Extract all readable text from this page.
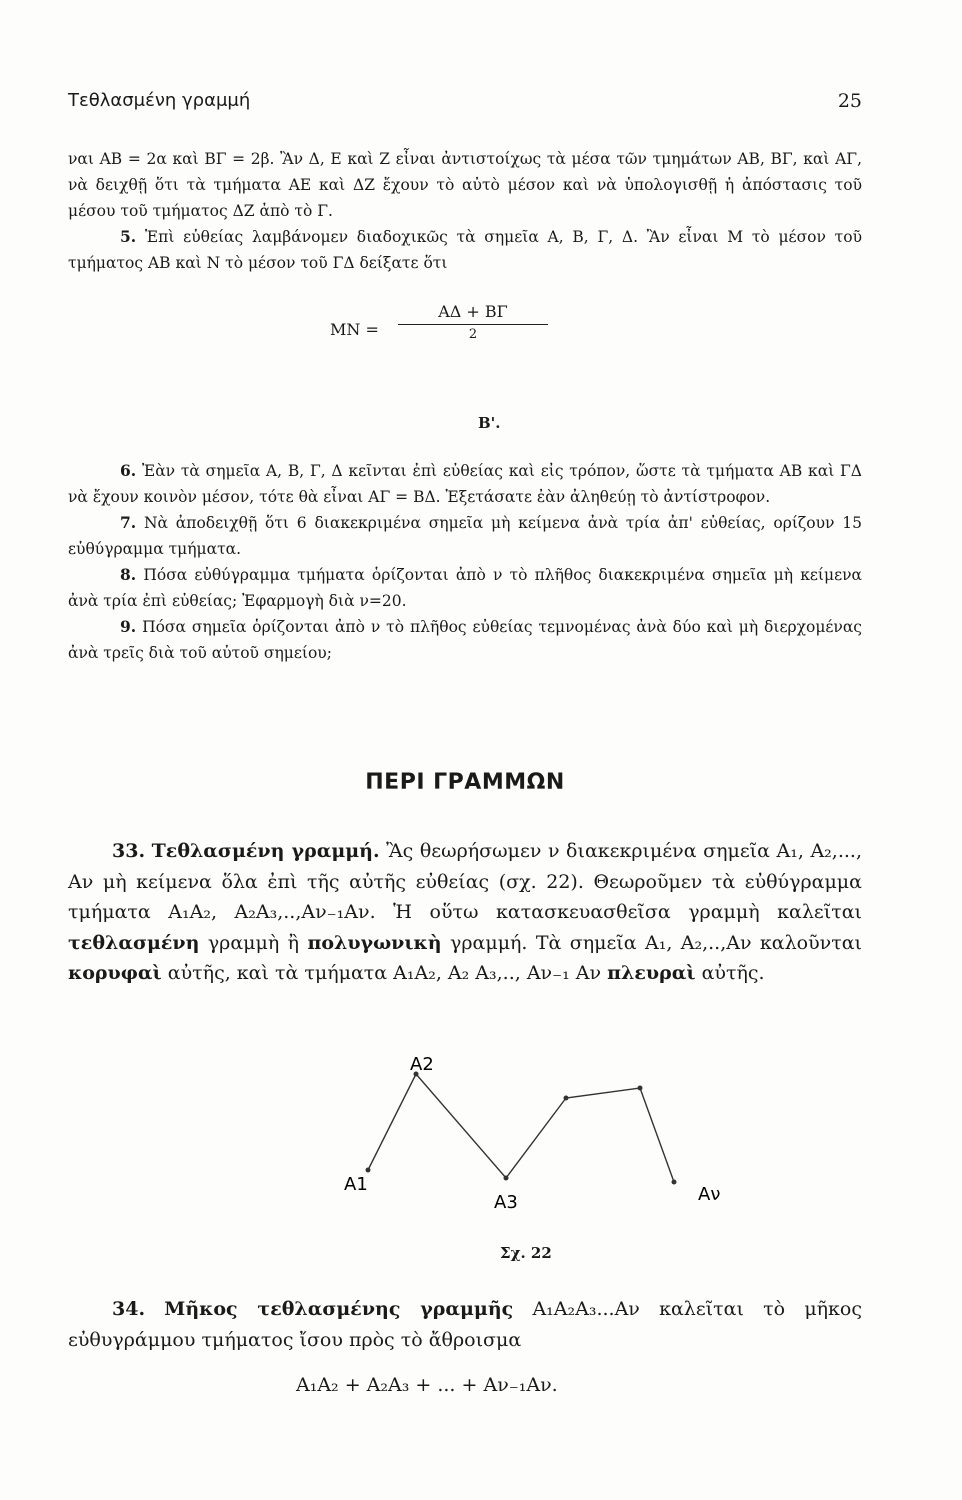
Τεθλασμένη γραμμή	25

ναι AB = 2α καὶ BΓ = 2β. Ἂν Δ, E καὶ Z εἶναι ἀντιστοίχως τὰ μέσα τῶν τμημάτων AB, BΓ, καὶ AΓ, νὰ δειχθῇ ὅτι τὰ τμήματα AE καὶ ΔZ ἔχουν τὸ αὐτὸ μέσον καὶ νὰ ὑπολογισθῇ ἡ ἀπόστασις τοῦ μέσου τοῦ τμήματος ΔZ ἀπὸ τὸ Γ.

5. Ἐπὶ εὐθείας λαμβάνομεν διαδοχικῶς τὰ σημεῖα A, B, Γ, Δ. Ἂν εἶναι M τὸ μέσον τοῦ τμήματος AB καὶ N τὸ μέσον τοῦ ΓΔ δείξατε ὅτι

MN =
AΔ + BΓ
2
B'.

6. Ἐὰν τὰ σημεῖα A, B, Γ, Δ κεῖνται ἐπὶ εὐθείας καὶ εἰς τρόπον, ὥστε τὰ τμήματα AB καὶ ΓΔ νὰ ἔχουν κοινὸν μέσον, τότε θὰ εἶναι AΓ = BΔ. Ἐξετάσατε ἐὰν ἀληθεύῃ τὸ ἀντίστροφον.

7. Νὰ ἀποδειχθῇ ὅτι 6 διακεκριμένα σημεῖα μὴ κείμενα ἀνὰ τρία ἀπ' εὐθείας, ορίζουν 15 εὐθύγραμμα τμήματα.

8. Πόσα εὐθύγραμμα τμήματα ὁρίζονται ἀπὸ ν τὸ πλῆθος διακεκριμένα σημεῖα μὴ κείμενα ἀνὰ τρία ἐπὶ εὐθείας; Ἐφαρμογὴ διὰ ν=20.

9. Πόσα σημεῖα ὁρίζονται ἀπὸ ν τὸ πλῆθος εὐθείας τεμνομένας ἀνὰ δύο καὶ μὴ διερχομένας ἀνὰ τρεῖς διὰ τοῦ αὐτοῦ σημείου;

ΠΕΡΙ ΓΡΑΜΜΩΝ

33. Τεθλασμένη γραμμή. Ἂς θεωρήσωμεν ν διακεκριμένα σημεῖα A₁, A₂,..., Aν μὴ κείμενα ὅλα ἐπὶ τῆς αὐτῆς εὐθείας (σχ. 22). Θεωροῦμεν τὰ εὐθύγραμμα τμήματα A₁A₂, A₂A₃,..,Aν₋₁Aν. Ἡ οὕτω κατασκευασθεῖσα γραμμὴ καλεῖται τεθλασμένη γραμμὴ ἢ πολυγωνικὴ γραμμή. Τὰ σημεῖα A₁, A₂,..,Aν καλοῦνται κορυφαὶ αὐτῆς, καὶ τὰ τμήματα A₁A₂, A₂ A₃,.., Aν₋₁ Aν πλευραὶ αὐτῆς.

A1
A2
A3	Aν
Σχ. 22

34. Μῆκος τεθλασμένης γραμμῆς A₁A₂A₃...Aν καλεῖται τὸ μῆκος εὐθυγράμμου τμήματος ἴσου πρὸς τὸ ἄθροισμα

A₁A₂ + A₂A₃ + ... + Aν₋₁Aν.
